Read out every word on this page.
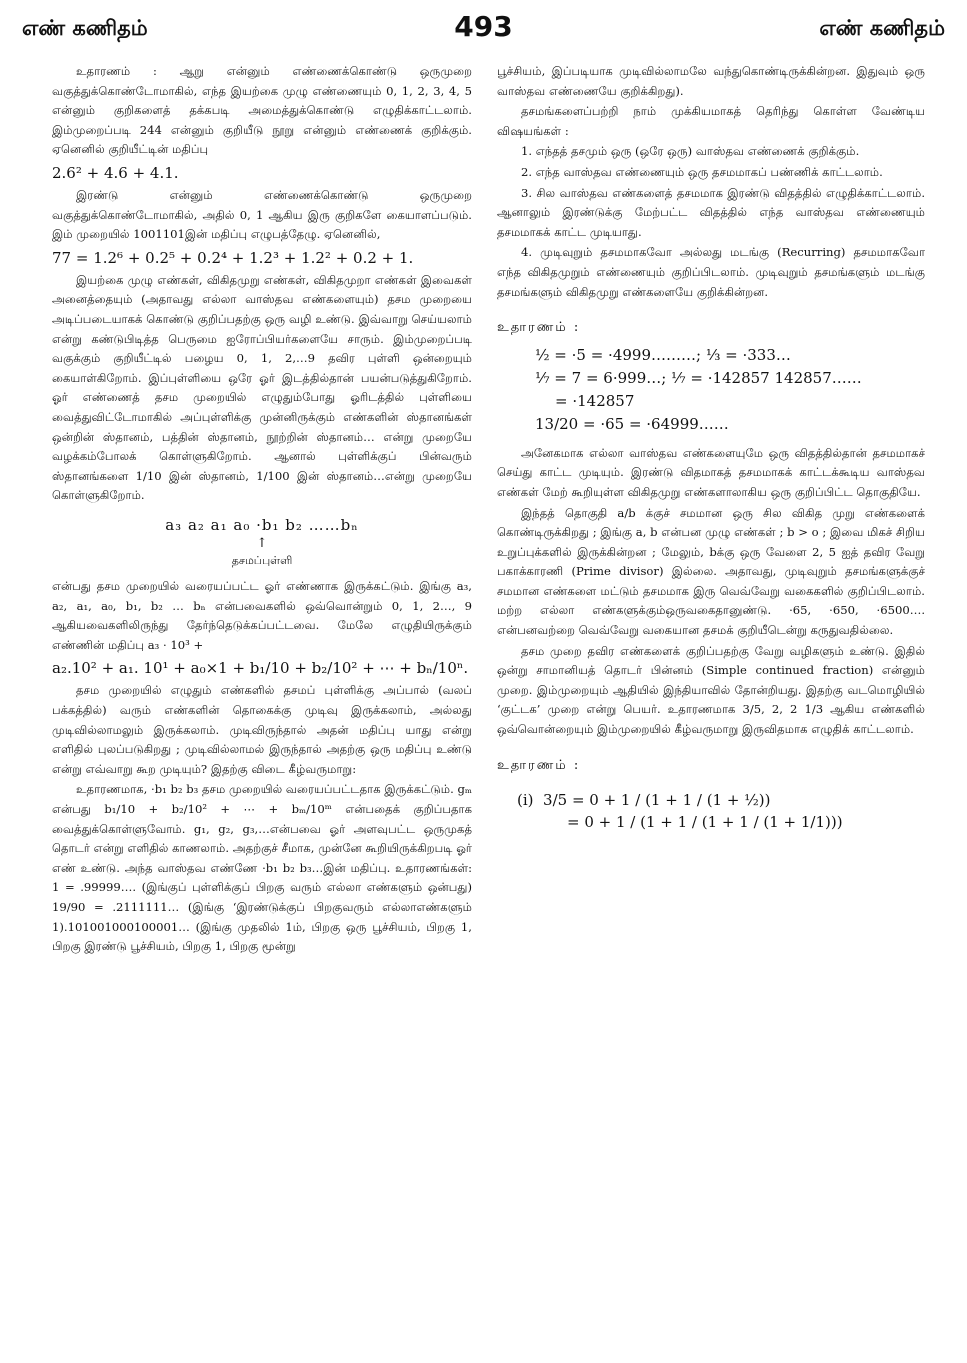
எண் கணிதம்	493	எண் கணிதம்

உதாரணம் : ஆறு என்னும் எண்ணைக்கொண்டு ஒருமுறை வகுத்துக்கொண்டோமாகில், எந்த இயற்கை முழு எண்ணையும் 0, 1, 2, 3, 4, 5 என்னும் குறிகளைத் தக்கபடி அமைத்துக்கொண்டு எழுதிக்காட்டலாம். இம்முறைப்படி 244 என்னும் குறியீடு நூறு என்னும் எண்ணைக் குறிக்கும். ஏனெனில் குறியீட்டின் மதிப்பு

2.6² + 4.6 + 4.1.

இரண்டு என்னும் எண்ணைக்கொண்டு ஒருமுறை வகுத்துக்கொண்டோமாகில், அதில் 0, 1 ஆகிய இரு குறிகளே கையாளப்படும். இம் முறையில் 1001101இன் மதிப்பு எழுபத்தேழு. ஏனெனில்,

77 = 1.2⁶ + 0.2⁵ + 0.2⁴ + 1.2³ + 1.2² + 0.2 + 1.

இயற்கை முழு எண்கள், விகிதமுறு எண்கள், விகிதமுறா எண்கள் இவைகள் அனைத்தையும் (அதாவது எல்லா வாஸ்தவ எண்களையும்) தசம முறையை அடிப்படையாகக் கொண்டு குறிப்பதற்கு ஒரு வழி உண்டு. இவ்வாறு செய்யலாம் என்று கண்டுபிடித்த பெருமை ஐரோப்பியர்களையே சாரும். இம்முறைப்படி வகுக்கும் குறியீட்டில் பழைய 0, 1, 2,…9 தவிர புள்ளி ஒன்றையும் கையாள்கிறோம். இப்புள்ளியை ஒரே ஓர் இடத்தில்தான் பயன்படுத்துகிறோம். ஓர் எண்ணைத் தசம முறையில் எழுதும்போது ஓரிடத்தில் புள்ளியை வைத்துவிட்டோமாகில் அப்புள்ளிக்கு முன்னிருக்கும் எண்களின் ஸ்தானங்கள் ஒன்றின் ஸ்தானம், பத்தின் ஸ்தானம், நூற்றின் ஸ்தானம்… என்று முறையே வழக்கம்போலக் கொள்ளுகிறோம். ஆனால் புள்ளிக்குப் பின்வரும் ஸ்தானங்களை 1/10 இன் ஸ்தானம், 1/100 இன் ஸ்தானம்…என்று முறையே கொள்ளுகிறோம்.

a₃ a₂ a₁ a₀ ·b₁ b₂ ……bₙ
↑
தசமப்புள்ளி

என்பது தசம முறையில் வரையப்பட்ட ஓர் எண்ணாக இருக்கட்டும். இங்கு a₃, a₂, a₁, a₀, b₁, b₂ … bₙ என்பவைகளில் ஒவ்வொன்றும் 0, 1, 2…, 9 ஆகியவைகளிலிருந்து தேர்ந்தெடுக்கப்பட்டவை. மேலே எழுதியிருக்கும் எண்ணின் மதிப்பு a₃ · 10³ +

a₂.10² + a₁. 10¹ + a₀×1 + b₁/10 + b₂/10² + ⋯ + bₙ/10ⁿ.

தசம முறையில் எழுதும் எண்களில் தசமப் புள்ளிக்கு அப்பால் (வலப் பக்கத்தில்) வரும் எண்களின் தொகைக்கு முடிவு இருக்கலாம், அல்லது முடிவில்லாமலும் இருக்கலாம். முடிவிருந்தால் அதன் மதிப்பு யாது என்று எளிதில் புலப்படுகிறது ; முடிவில்லாமல் இருந்தால் அதற்கு ஒரு மதிப்பு உண்டு என்று எவ்வாறு கூற முடியும்? இதற்கு விடை கீழ்வருமாறு:

உதாரணமாக, ·b₁ b₂ b₃ தசம முறையில் வரையப்பட்டதாக இருக்கட்டும். gₘ என்பது b₁/10 + b₂/10² + ⋯ + bₘ/10ᵐ என்பதைக் குறிப்பதாக வைத்துக்கொள்ளுவோம். g₁, g₂, g₃,…என்பவை ஓர் அளவுபட்ட ஒருமுகத் தொடர் என்று எளிதில் காணலாம். அதற்குச் சீமாக, முன்னே கூறியிருக்கிறபடி ஓர் எண் உண்டு. அந்த வாஸ்தவ எண்ணே ·b₁ b₂ b₃…இன் மதிப்பு. உதாரணங்கள்: 1 = .99999…. (இங்குப் புள்ளிக்குப் பிறகு வரும் எல்லா எண்களும் ஒன்பது) 19/90 = .2111111… (இங்கு ‘இரண்டுக்குப் பிறகுவரும் எல்லாஎண்களும் 1).101001000100001… (இங்கு முதலில் 1ம், பிறகு ஒரு பூச்சியம், பிறகு 1, பிறகு இரண்டு பூச்சியம், பிறகு 1, பிறகு மூன்று

பூச்சியம், இப்படியாக முடிவில்லாமலே வந்துகொண்டிருக்கின்றன. இதுவும் ஒரு வாஸ்தவ எண்ணையே குறிக்கிறது).

தசமங்களைப்பற்றி நாம் முக்கியமாகத் தெரிந்து கொள்ள வேண்டிய விஷயங்கள் :

1. எந்தத் தசமும் ஒரு (ஒரே ஒரு) வாஸ்தவ எண்ணைக் குறிக்கும்.

2. எந்த வாஸ்தவ எண்ணையும் ஒரு தசமமாகப் பண்ணிக் காட்டலாம்.

3. சில வாஸ்தவ எண்களைத் தசமமாக இரண்டு விதத்தில் எழுதிக்காட்டலாம். ஆனாலும் இரண்டுக்கு மேற்பட்ட விதத்தில் எந்த வாஸ்தவ எண்ணையும் தசமமாகக் காட்ட முடியாது.

4. முடிவுறும் தசமமாகவோ அல்லது மடங்கு (Recurring) தசமமாகவோ எந்த விகிதமுறும் எண்ணையும் குறிப்பிடலாம். முடிவுறும் தசமங்களும் மடங்கு தசமங்களும் விகிதமுறு எண்களையே குறிக்கின்றன.

உதாரணம் :
½ = ·5 = ·4999………; ⅓ = ·333…
⅐ = 7 = 6·999…; ⅐ = ·142857 142857……
= ·142857
13/20 = ·65 = ·64999……

அனேகமாக எல்லா வாஸ்தவ எண்களையுமே ஒரு விதத்தில்தான் தசமமாகச் செய்து காட்ட முடியும். இரண்டு விதமாகத் தசமமாகக் காட்டக்கூடிய வாஸ்தவ எண்கள் மேற் கூறியுள்ள விகிதமுறு எண்களாலாகிய ஒரு குறிப்பிட்ட தொகுதியே.

இந்தத் தொகுதி a/b க்குச் சமமான ஒரு சில விகித முறு எண்களைக் கொண்டிருக்கிறது ; இங்கு a, b என்பன முழு எண்கள் ; b > o ; இவை மிகச் சிறிய உறுப்புக்களில் இருக்கின்றன ; மேலும், bக்கு ஒரு வேளை 2, 5 ஐத் தவிர வேறு பகாக்காரணி (Prime divisor) இல்லை. அதாவது, முடிவுறும் தசமங்களுக்குச் சமமான எண்களை மட்டும் தசமமாக இரு வெவ்வேறு வகைகளில் குறிப்பிடலாம். மற்ற எல்லா எண்களுக்கும்ஒருவகைதானுண்டு. ·65, ·650, ·6500…. என்பனவற்றை வெவ்வேறு வகையான தசமக் குறியீடென்று கருதுவதில்லை.

தசம முறை தவிர எண்களைக் குறிப்பதற்கு வேறு வழிகளும் உண்டு. இதில் ஒன்று சாமானியத் தொடர் பின்னம் (Simple continued fraction) என்னும் முறை. இம்முறையும் ஆதியில் இந்தியாவில் தோன்றியது. இதற்கு வடமொழியில் ‘குட்டக’ முறை என்று பெயர். உதாரணமாக 3/5, 2, 2 1/3 ஆகிய எண்களில் ஒவ்வொன்றையும் இம்முறையில் கீழ்வருமாறு இருவிதமாக எழுதிக் காட்டலாம்.

உதாரணம் :
(i)  3/5 = 0 + 1 / (1 + 1 / (1 + ½))
= 0 + 1 / (1 + 1 / (1 + 1 / (1 + 1/1)))
